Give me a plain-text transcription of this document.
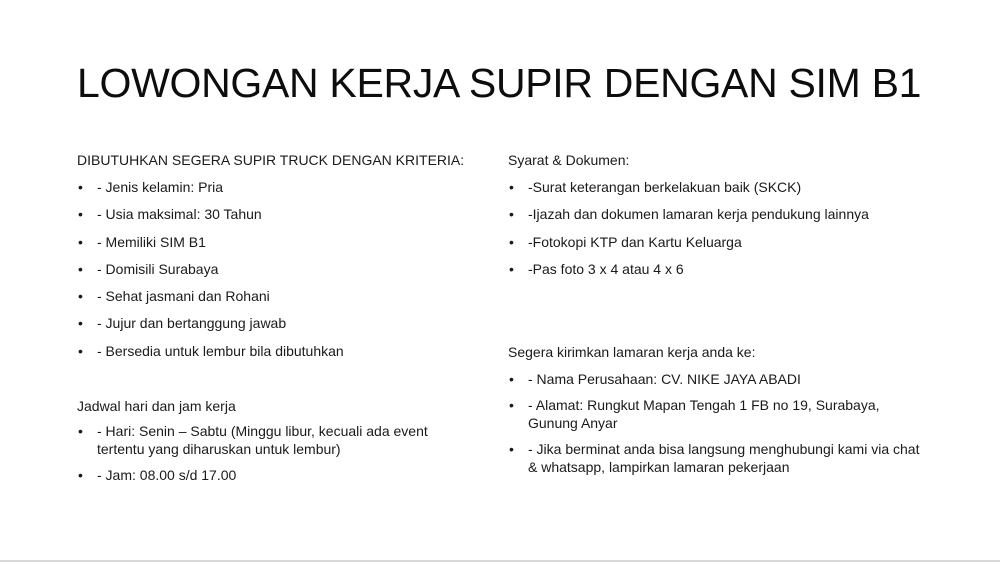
LOWONGAN KERJA SUPIR DENGAN SIM B1

DIBUTUHKAN SEGERA SUPIR TRUCK DENGAN KRITERIA:

• - Jenis kelamin: Pria
• - Usia maksimal: 30 Tahun
• - Memiliki SIM B1
• - Domisili Surabaya
• - Sehat jasmani dan Rohani
• - Jujur dan bertanggung jawab
• - Bersedia untuk lembur bila dibutuhkan

Jadwal hari dan jam kerja

• - Hari: Senin – Sabtu (Minggu libur, kecuali ada event tertentu yang diharuskan untuk lembur)
• - Jam: 08.00 s/d 17.00

Syarat & Dokumen:

• -Surat keterangan berkelakuan baik (SKCK)
• -Ijazah dan dokumen lamaran kerja pendukung lainnya
• -Fotokopi KTP dan Kartu Keluarga
• -Pas foto 3 x 4 atau 4 x 6

Segera kirimkan lamaran kerja anda ke:

• - Nama Perusahaan: CV. NIKE JAYA ABADI
• - Alamat: Rungkut Mapan Tengah 1 FB no 19, Surabaya, Gunung Anyar
• - Jika berminat anda bisa langsung menghubungi kami via chat & whatsapp, lampirkan lamaran pekerjaan
